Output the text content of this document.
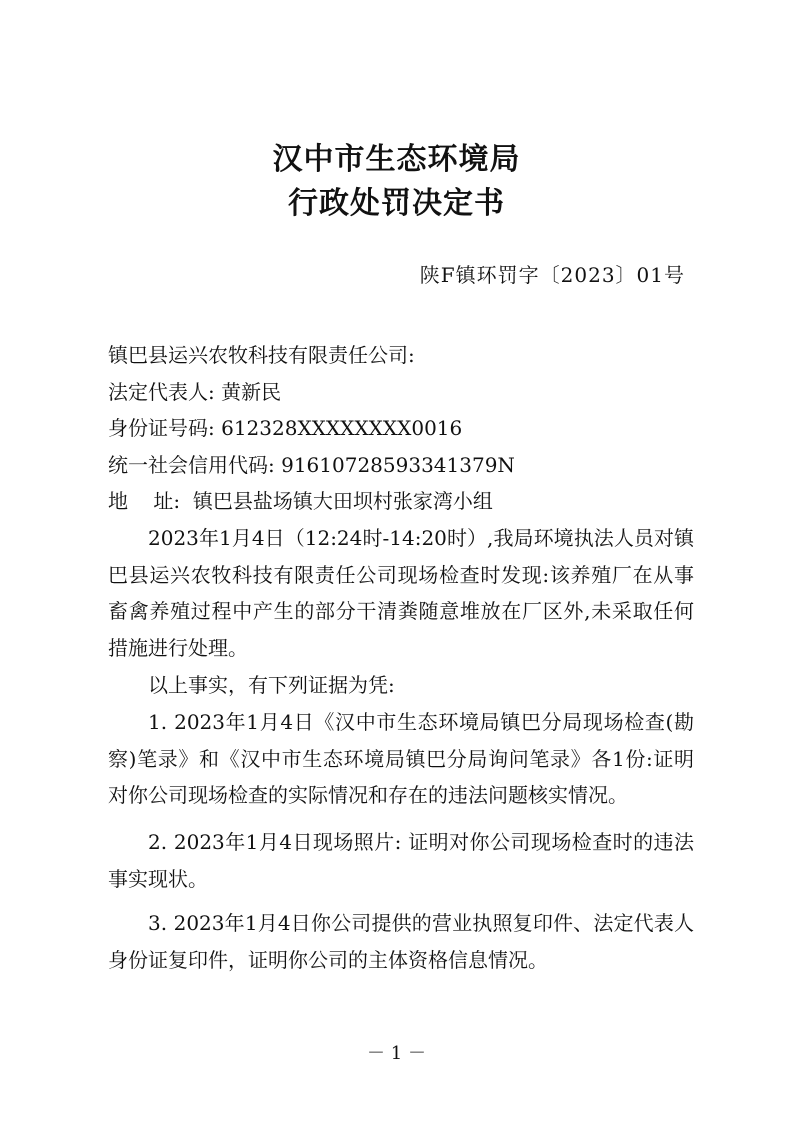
汉中市生态环境局
行政处罚决定书
陕F镇环罚字〔2023〕01号
镇巴县运兴农牧科技有限责任公司:
法定代表人: 黄新民
身份证号码: 612328XXXXXXXX0016
统一社会信用代码: 91610728593341379N
地    址:  镇巴县盐场镇大田坝村张家湾小组
2023年1月4日（12:24时-14:20时）,我局环境执法人员对镇巴县运兴农牧科技有限责任公司现场检查时发现:该养殖厂在从事畜禽养殖过程中产生的部分干清粪随意堆放在厂区外,未采取任何措施进行处理。
以上事实，有下列证据为凭:
1. 2023年1月4日《汉中市生态环境局镇巴分局现场检查(勘察)笔录》和《汉中市生态环境局镇巴分局询问笔录》各1份:证明对你公司现场检查的实际情况和存在的违法问题核实情况。
2. 2023年1月4日现场照片: 证明对你公司现场检查时的违法事实现状。
3. 2023年1月4日你公司提供的营业执照复印件、法定代表人身份证复印件，证明你公司的主体资格信息情况。
－ 1 －
